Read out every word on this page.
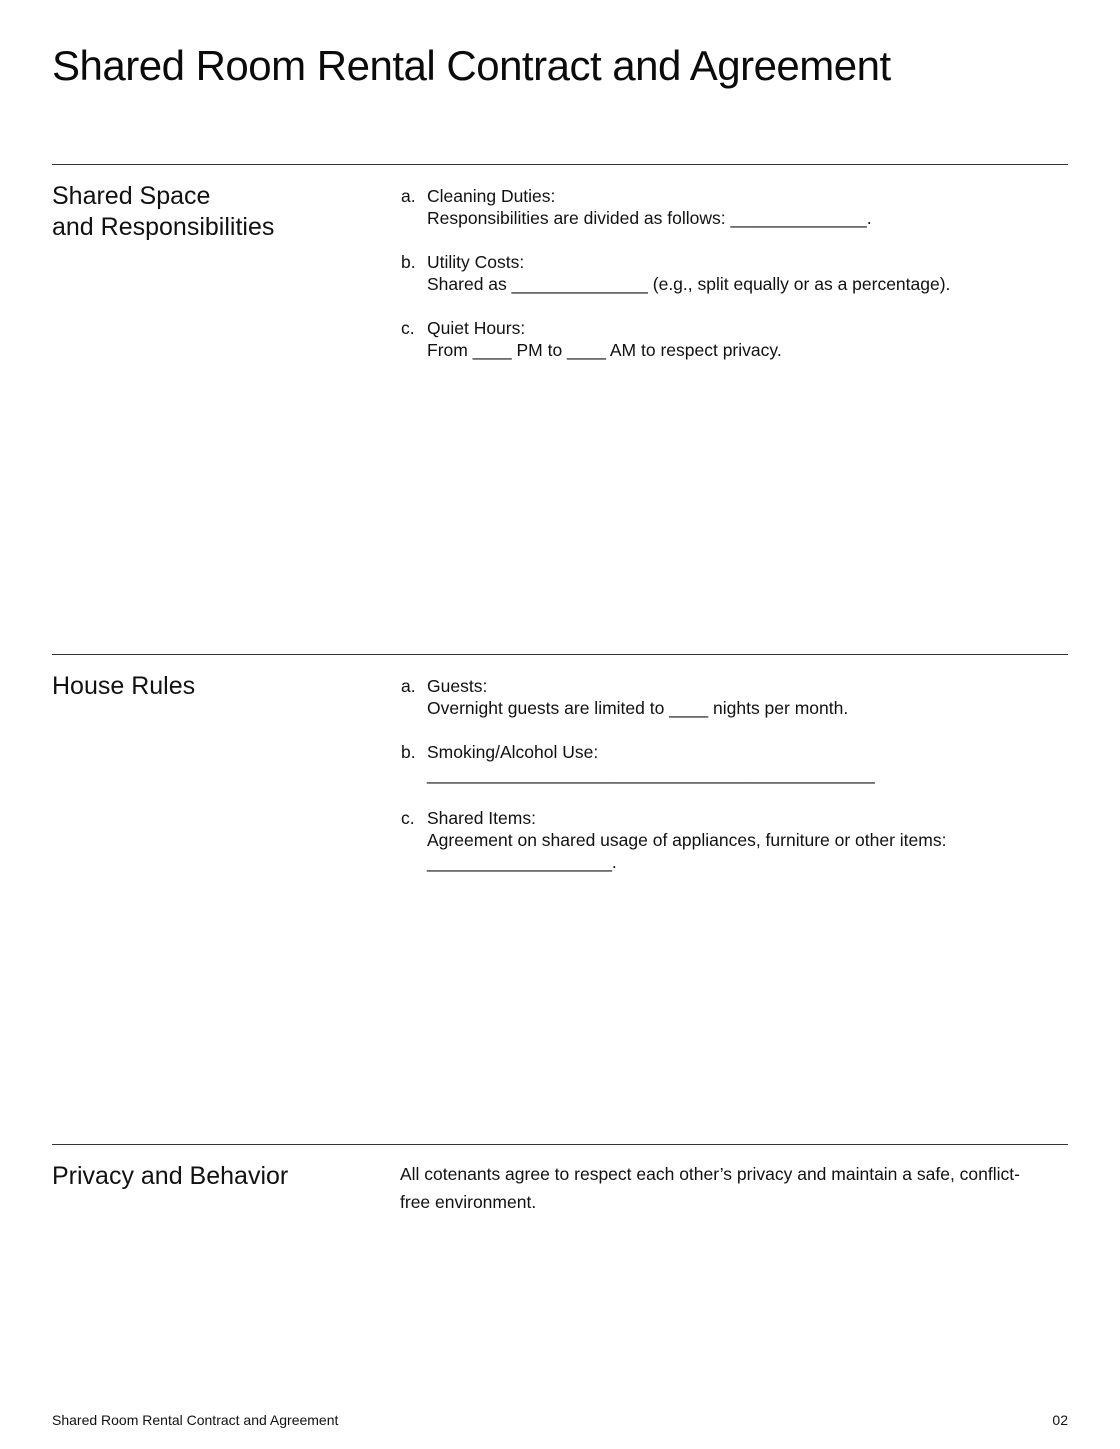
Shared Room Rental Contract and Agreement
Shared Space
and Responsibilities
a. Cleaning Duties:
Responsibilities are divided as follows: ______________.
b. Utility Costs:
Shared as ______________ (e.g., split equally or as a percentage).
c. Quiet Hours:
From ____ PM to ____ AM to respect privacy.
House Rules	a. Guests:
Overnight guests are limited to ____ nights per month.
b. Smoking/Alcohol Use:
______________________________________________
c. Shared Items:
Agreement on shared usage of appliances, furniture or other items: ___________________.
Privacy and Behavior	All cotenants agree to respect each other’s privacy and maintain a safe, conflict-free environment.

Shared Room Rental Contract and Agreement	02
